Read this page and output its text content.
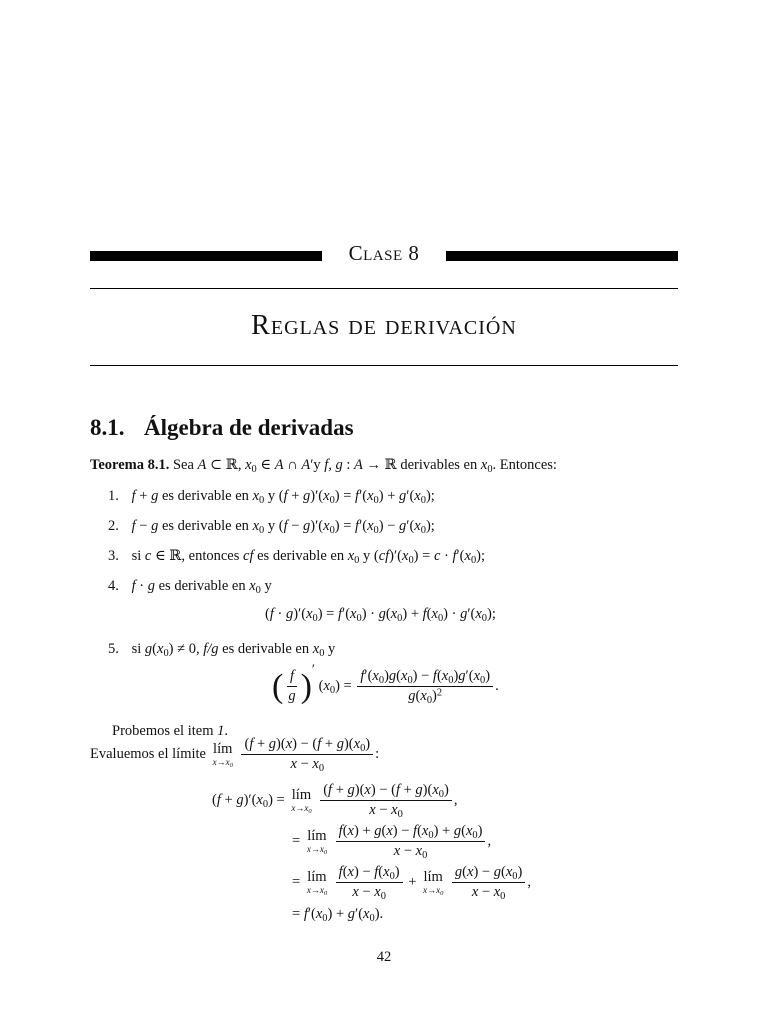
Clase 8
Reglas de derivación
8.1. Álgebra de derivadas
Teorema 8.1. Sea A ⊂ ℝ, $x_0$ ∈ A ∩ A′y f, g : A → ℝ derivables en $x_0$. Entonces:
1. f + g es derivable en $x_0$ y $(f + g)'(x_0) = f'(x_0) + g'(x_0)$;
2. f − g es derivable en $x_0$ y $(f - g)'(x_0) = f'(x_0) - g'(x_0)$;
3. si c ∈ ℝ, entonces cf es derivable en $x_0$ y $(cf)'(x_0) = c \cdot f'(x_0)$;
4. f · g es derivable en $x_0$ y
$(f \cdot g)'(x_0) = f'(x_0) \cdot g(x_0) + f(x_0) \cdot g'(x_0)$;
5. si $g(x_0) \ne 0$, f/g es derivable en $x_0$ y
( $\frac{f}{g} )'$ $(x_0) = \frac{f'(x_0)g(x_0) - f(x_0)g'(x_0)}{g(x_0)^2}$ .
Probemos el item 1.
Evaluemos el límite lím
$x\to x_0$
$\frac{(f + g)(x) - (f + g)(x_0)}{x - x_0}$ :
$(f + g)'(x_0)$ = lím
$x\to x_0$
$\frac{(f + g)(x) - (f + g)(x_0)}{x - x_0}$ ,
= lím
$x\to x_0$
$\frac{f(x) + g(x) - f(x_0) + g(x_0)}{x - x_0}$ ,
= lím
$x\to x_0$
$\frac{f(x) - f(x_0)}{x - x_0}$ + lím
$x\to x_0$
$\frac{g(x) - g(x_0)}{x - x_0}$ ,
= $f'(x_0) + g'(x_0)$.
42
